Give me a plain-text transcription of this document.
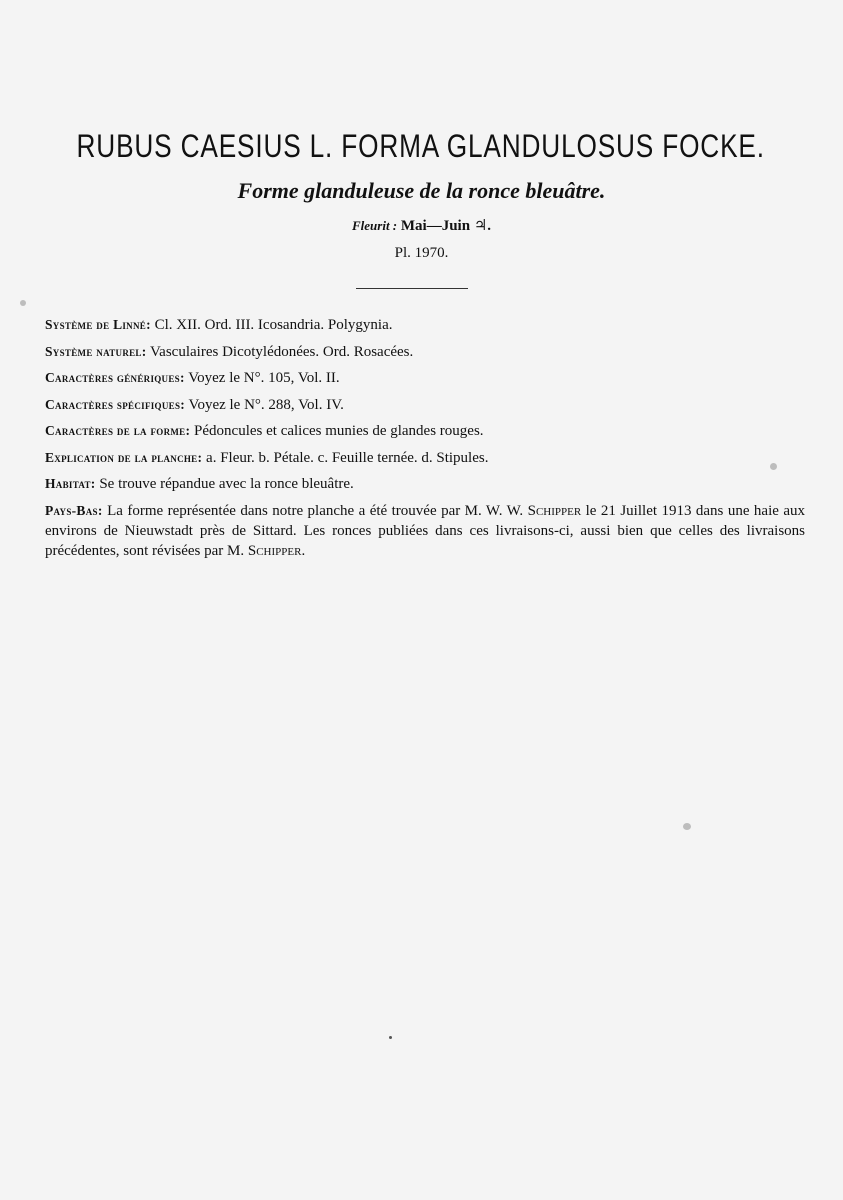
RUBUS CAESIUS L. FORMA GLANDULOSUS FOCKE.
Forme glanduleuse de la ronce bleuâtre.
Fleurit : Mai—Juin ♃.
Pl. 1970.

Système de Linné: Cl. XII. Ord. III. Icosandria. Polygynia.

Système naturel: Vasculaires Dicotylédonées. Ord. Rosacées.

Caractères génériques: Voyez le N°. 105, Vol. II.

Caractères spécifiques: Voyez le N°. 288, Vol. IV.

Caractères de la forme: Pédoncules et calices munies de glandes rouges.

Explication de la planche: a. Fleur. b. Pétale. c. Feuille ternée. d. Stipules.

Habitat: Se trouve répandue avec la ronce bleuâtre.

Pays-Bas: La forme représentée dans notre planche a été trouvée par M. W. W. Schipper le 21 Juillet 1913 dans une haie aux environs de Nieuwstadt près de Sittard. Les ronces publiées dans ces livraisons-ci, aussi bien que celles des livraisons précédentes, sont révisées par M. Schipper.
